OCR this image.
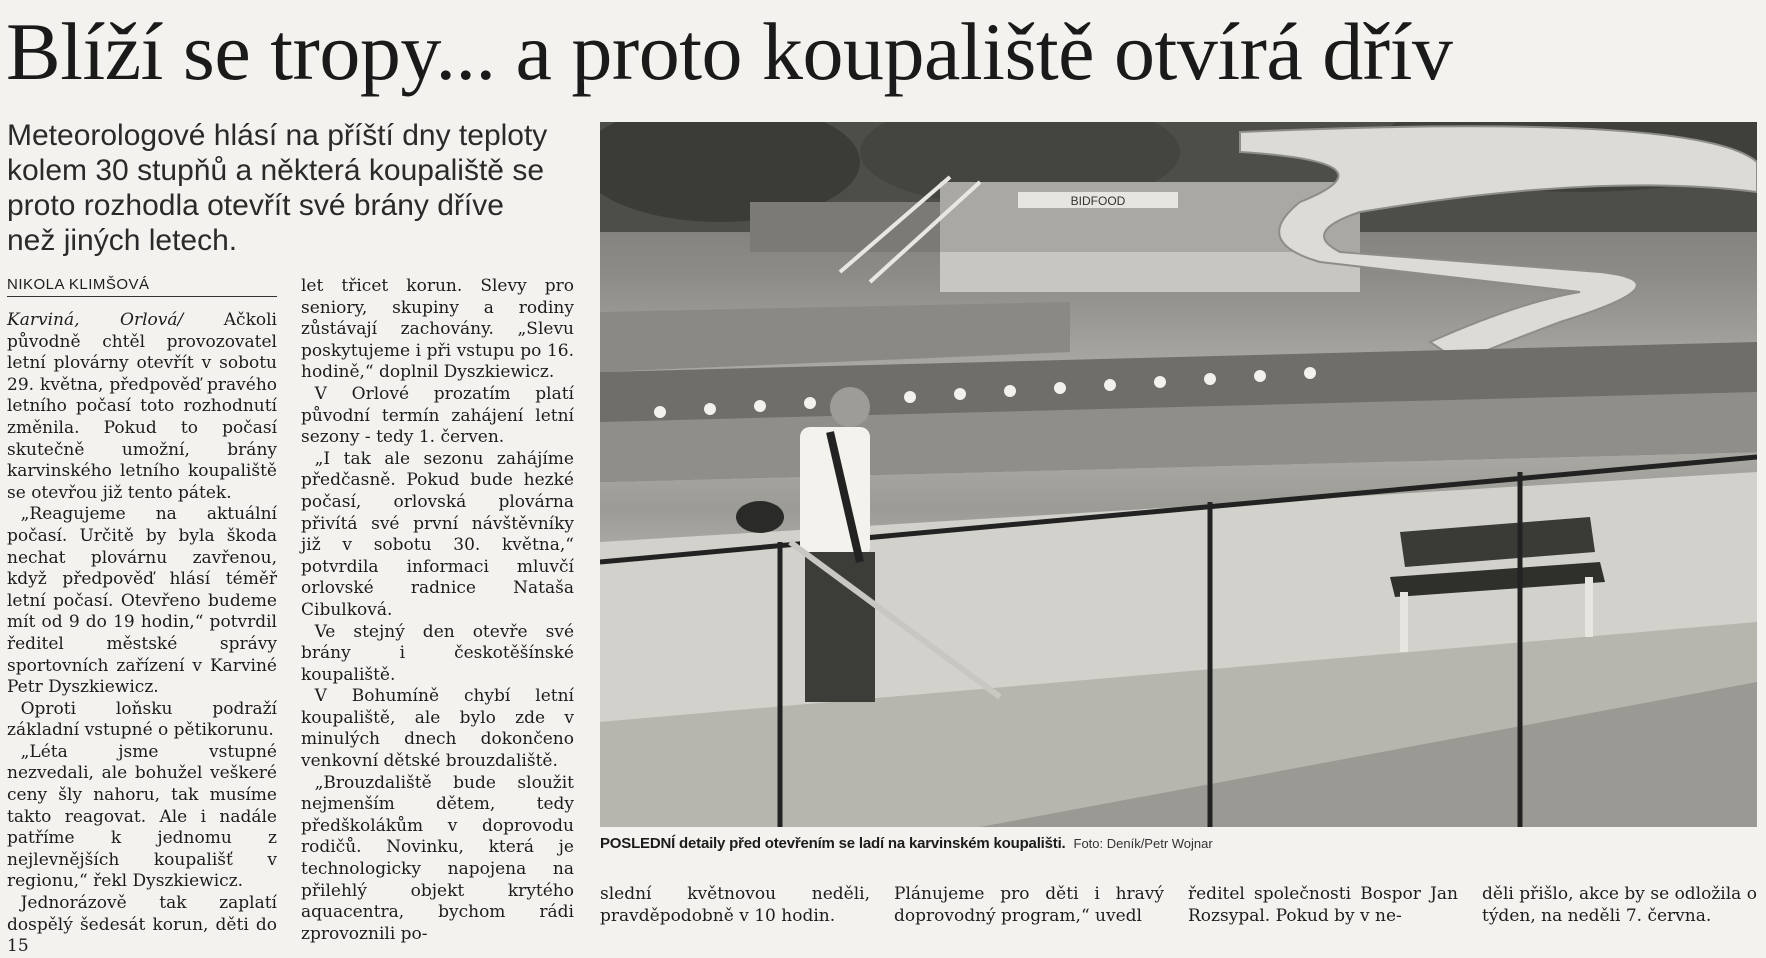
Blíží se tropy... a proto koupaliště otvírá dřív
Meteorologové hlásí na příští dny teploty
kolem 30 stupňů a některá koupaliště se
proto rozhodla otevřít své brány dříve
než jiných letech.
NIKOLA KLIMŠOVÁ

Karviná, Orlová/ Ačkoli původně chtěl provozovatel letní plovárny otevřít v sobotu 29. května, předpověď pravého letního počasí toto rozhodnutí změnila. Pokud to počasí skutečně umožní, brány karvinského letního koupaliště se otevřou již tento pátek.

„Reagujeme na aktuální počasí. Určitě by byla škoda nechat plovárnu zavřenou, když předpověď hlásí téměř letní počasí. Otevřeno budeme mít od 9 do 19 hodin,“ potvrdil ředitel městské správy sportovních zařízení v Karviné Petr Dyszkiewicz.

Oproti loňsku podraží základní vstupné o pětikorunu.

„Léta jsme vstupné nezvedali, ale bohužel veškeré ceny šly nahoru, tak musíme takto reagovat. Ale i nadále patříme k jednomu z nejlevnějších koupališť v regionu,“ řekl Dyszkiewicz.

Jednorázově tak zaplatí dospělý šedesát korun, děti do 15

let třicet korun. Slevy pro seniory, skupiny a rodiny zůstávají zachovány. „Slevu poskytujeme i při vstupu po 16. hodině,“ doplnil Dyszkiewicz.

V Orlové prozatím platí původní termín zahájení letní sezony - tedy 1. červen.

„I tak ale sezonu zahájíme předčasně. Pokud bude hezké počasí, orlovská plovárna přivítá své první návštěvníky již v sobotu 30. května,“ potvrdila informaci mluvčí orlovské radnice Nataša Cibulková.

Ve stejný den otevře své brány i českotěšínské koupaliště.

V Bohumíně chybí letní koupaliště, ale bylo zde v minulých dnech dokončeno venkovní dětské brouzdaliště.

„Brouzdaliště bude sloužit nejmenším dětem, tedy předškolákům v doprovodu rodičů. Novinku, která je technologicky napojena na přilehlý objekt krytého aquacentra, bychom rádi zprovoznili po-

BIDFOOD
POSLEDNÍ detaily před otevřením se ladí na karvinském koupališti. Foto: Deník/Petr Wojnar

slední květnovou neděli, pravděpodobně v 10 hodin.

Plánujeme pro děti i hravý doprovodný program,“ uvedl

ředitel společnosti Bospor Jan Rozsypal. Pokud by v ne-

děli přišlo, akce by se odložila o týden, na neděli 7. června.
